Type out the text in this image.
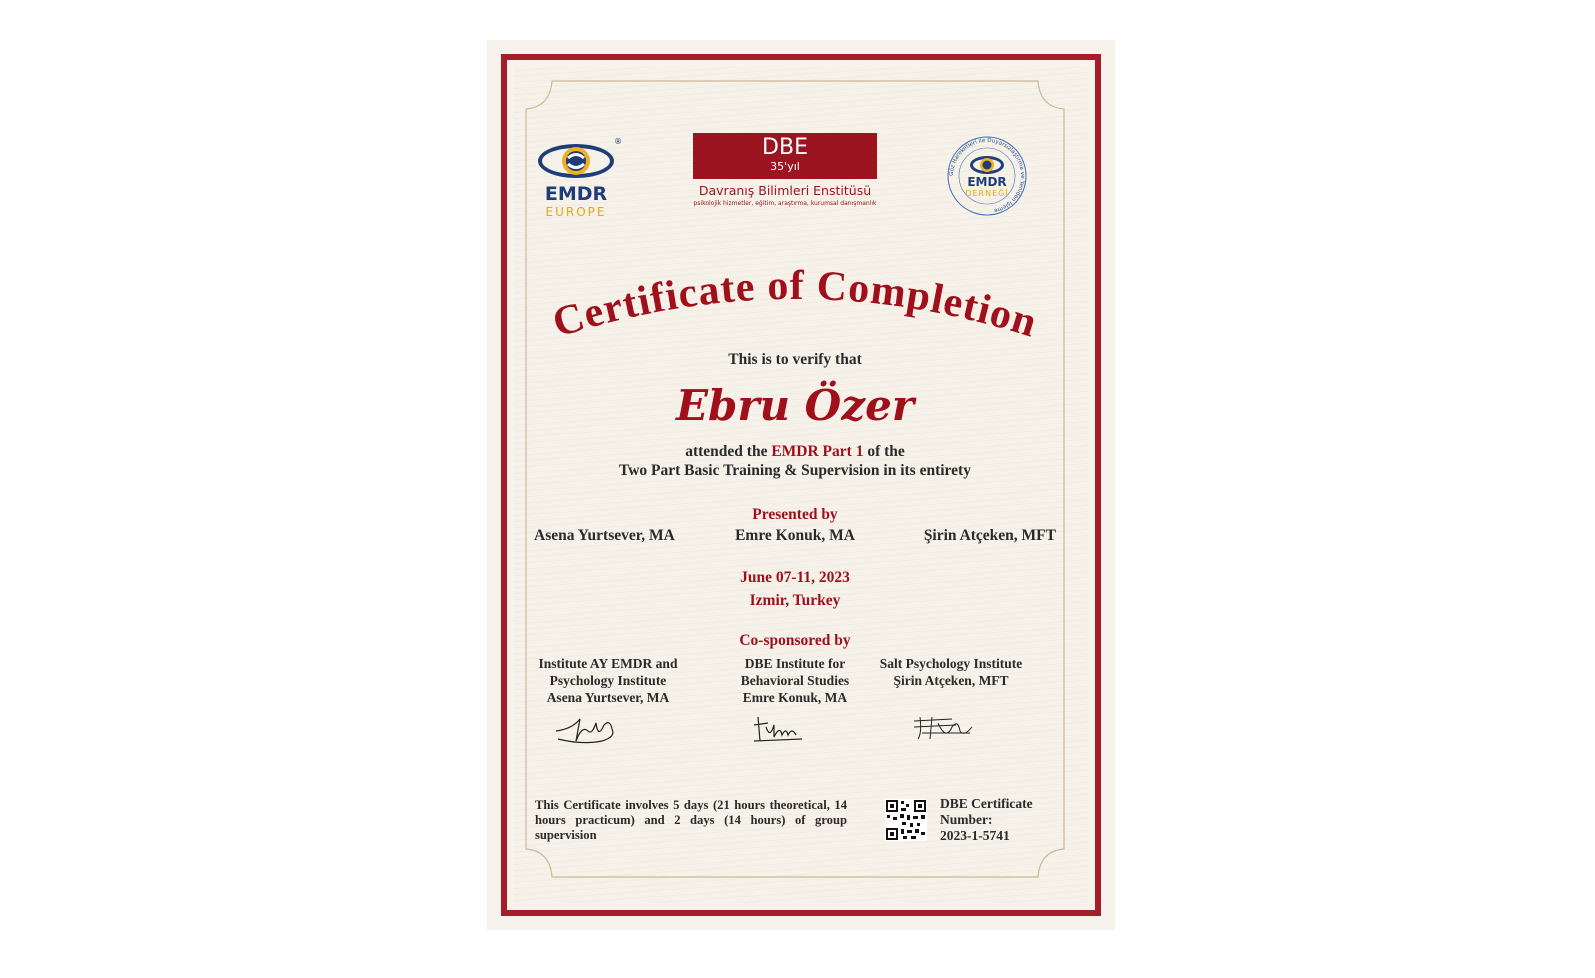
®
EMDR
EUROPE
DBE
35'yıl
Davranış Bilimleri Enstitüsü
psikolojik hizmetler, eğitim, araştırma, kurumsal danışmanlık
Göz Hareketleri ile Duyarsızlaştırma ve Yeniden İşleme
EMDR
DERNEĞİ
Certificate of Completion
This is to verify that
Ebru Özer
attended the EMDR Part 1 of the
Two Part Basic Training & Supervision in its entirety
Presented by
Asena Yurtsever, MA	Emre Konuk, MA	Şirin Atçeken, MFT
June 07-11, 2023
Izmir, Turkey
Co-sponsored by
Institute AY EMDR and
Psychology Institute
Asena Yurtsever, MA
DBE Institute for
Behavioral Studies
Emre Konuk, MA
Salt Psychology Institute
Şirin Atçeken, MFT
This Certificate involves 5 days (21 hours theoretical, 14 hours practicum) and 2 days (14 hours) of group supervision
DBE Certificate Number:
2023-1-5741
